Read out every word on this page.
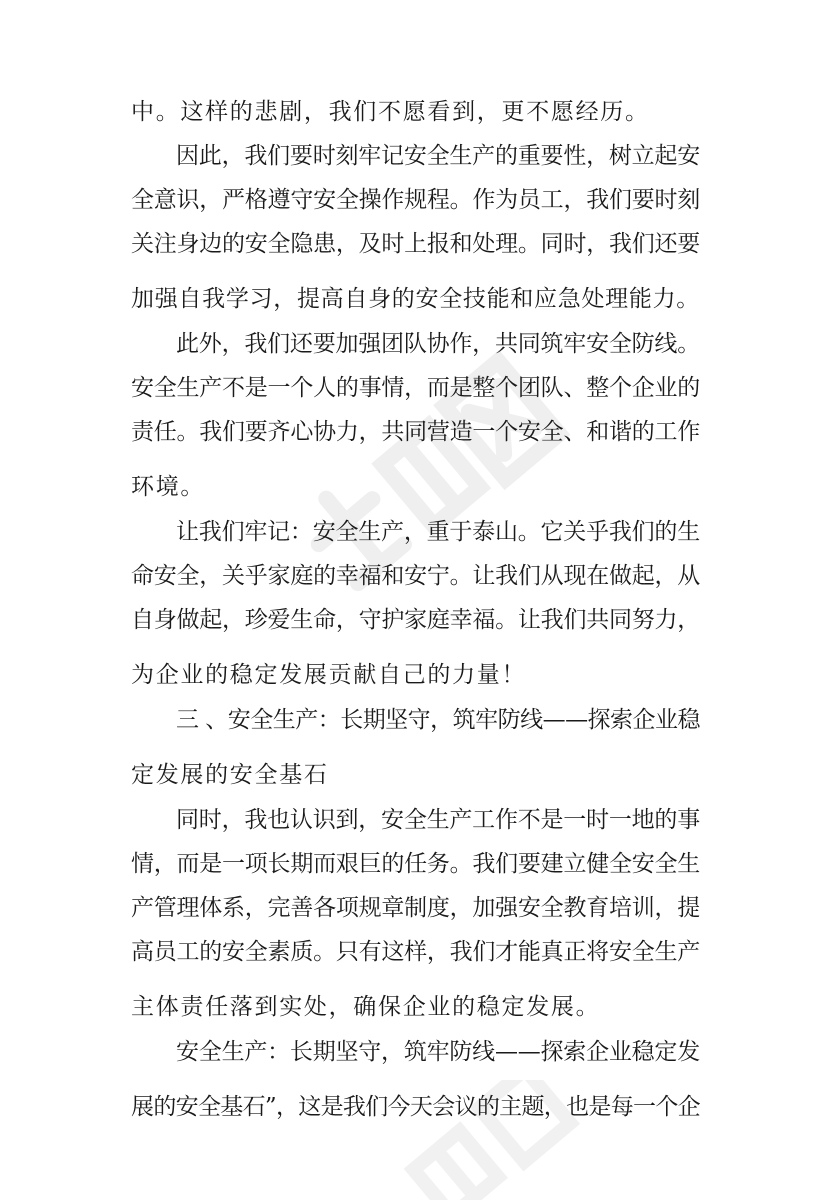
中。这样的悲剧，我们不愿看到，更不愿经历。
因此，我们要时刻牢记安全生产的重要性，树立起安
全意识，严格遵守安全操作规程。作为员工，我们要时刻
关注身边的安全隐患，及时上报和处理。同时，我们还要
加强自我学习，提高自身的安全技能和应急处理能力。
此外，我们还要加强团队协作，共同筑牢安全防线。
安全生产不是一个人的事情，而是整个团队、整个企业的
责任。我们要齐心协力，共同营造一个安全、和谐的工作
环境。
让我们牢记：安全生产，重于泰山。它关乎我们的生
命安全，关乎家庭的幸福和安宁。让我们从现在做起，从
自身做起，珍爱生命，守护家庭幸福。让我们共同努力，
为企业的稳定发展贡献自己的力量！
三 、安全生产：长期坚守，筑牢防线——探索企业稳
定发展的安全基石
同时，我也认识到，安全生产工作不是一时一地的事
情，而是一项长期而艰巨的任务。我们要建立健全安全生
产管理体系，完善各项规章制度，加强安全教育培训，提
高员工的安全素质。只有这样，我们才能真正将安全生产
主体责任落到实处，确保企业的稳定发展。
安全生产：长期坚守，筑牢防线——探索企业稳定发
展的安全基石”，这是我们今天会议的主题，也是每一个企
